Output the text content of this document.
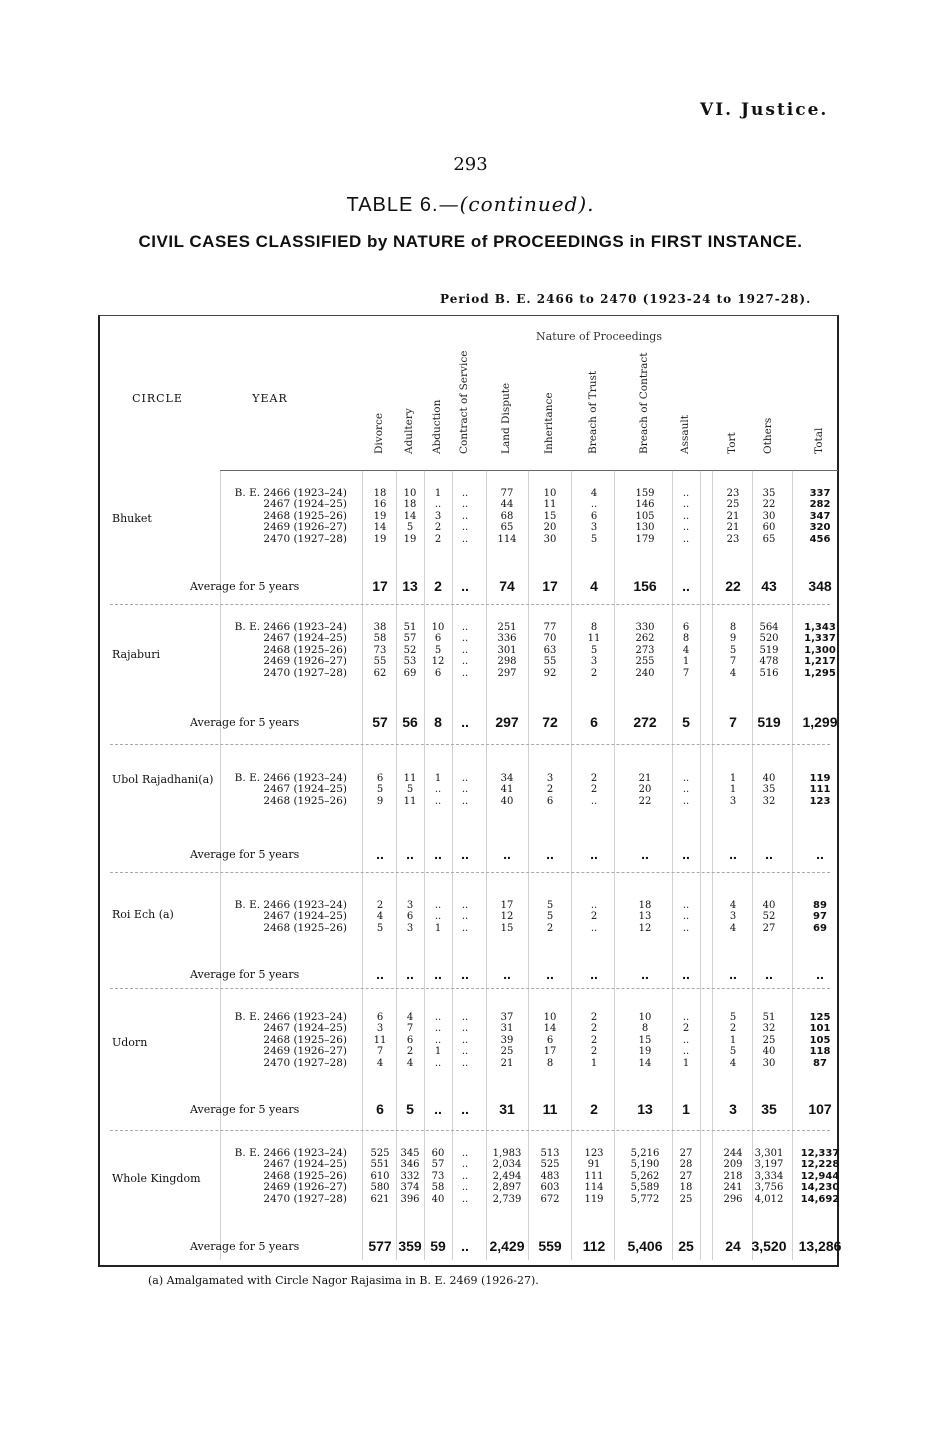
VI. Justice.
293
TABLE 6.—(continued).
CIVIL CASES CLASSIFIED by NATURE of PROCEEDINGS in FIRST INSTANCE.
Period B. E. 2466 to 2470 (1923-24 to 1927-28).
Nature of Proceedings
CIRCLE	YEAR
Divorce Adultery Abduction Contract of Service	Land Dispute	Inheritance	Breach of Trust	Breach of Contract	Assault	Tort Others	Total
Bhuket
B. E. 2466 (1923–24)	18	10	1	..	77	10	4	159	..	23	35	337
2467 (1924–25)	16	18	..	..	44	11	..	146	..	25	22	282
2468 (1925–26)	19	14	3	..	68	15	6	105	..	21	30	347
2469 (1926–27)	14	5	2	..	65	20	3	130	..	21	60	320
2470 (1927–28)	19	19	2	..	114	30	5	179	..	23	65	456
Average for 5 years	17	13	2	..	74	17	4	156	..	22	43	348
Rajaburi
B. E. 2466 (1923–24)	38	51	10	..	251	77	8	330	6	8	564	1,343
2467 (1924–25)	58	57	6	..	336	70	11	262	8	9	520	1,337
2468 (1925–26)	73	52	5	..	301	63	5	273	4	5	519	1,300
2469 (1926–27)	55	53	12	..	298	55	3	255	1	7	478	1,217
2470 (1927–28)	62	69	6	..	297	92	2	240	7	4	516	1,295
Average for 5 years	57	56	8	..	297	72	6	272	5	7	519	1,299
Ubol Rajadhani(a)	B. E. 2466 (1923–24)	6	11	1	..	34	3	2	21	..	1	40	119
2467 (1924–25)	5	5	..	..	41	2	2	20	..	1	35	111
2468 (1925–26)	9	11	..	..	40	6	..	22	..	3	32	123
Average for 5 years	..	..	..	..	..	..	..	..	..	..	..	..
Roi Ech (a)
B. E. 2466 (1923–24)	2	3	..	..	17	5	..	18	..	4	40	89
2467 (1924–25)	4	6	..	..	12	5	2	13	..	3	52	97
2468 (1925–26)	5	3	1	..	15	2	..	12	..	4	27	69
Average for 5 years	..	..	..	..	..	..	..	..	..	..	..	..
Udorn
B. E. 2466 (1923–24)	6	4	..	..	37	10	2	10	..	5	51	125
2467 (1924–25)	3	7	..	..	31	14	2	8	2	2	32	101
2468 (1925–26)	11	6	..	..	39	6	2	15	..	1	25	105
2469 (1926–27)	7	2	1	..	25	17	2	19	..	5	40	118
2470 (1927–28)	4	4	..	..	21	8	1	14	1	4	30	87
Average for 5 years	6	5	..	..	31	11	2	13	1	3	35	107
Whole Kingdom
B. E. 2466 (1923–24)	525	345	60	..	1,983	513	123	5,216	27	244	3,301	12,337
2467 (1924–25)	551	346	57	..	2,034	525	91	5,190	28	209	3,197	12,228
2468 (1925–26)	610	332	73	..	2,494	483	111	5,262	27	218	3,334	12,944
2469 (1926–27)	580	374	58	..	2,897	603	114	5,589	18	241	3,756	14,230
2470 (1927–28)	621	396	40	..	2,739	672	119	5,772	25	296	4,012	14,692
Average for 5 years	577 359 59	..	2,429 559	112	5,406	25	24 3,520 13,286
(a) Amalgamated with Circle Nagor Rajasima in B. E. 2469 (1926-27).
